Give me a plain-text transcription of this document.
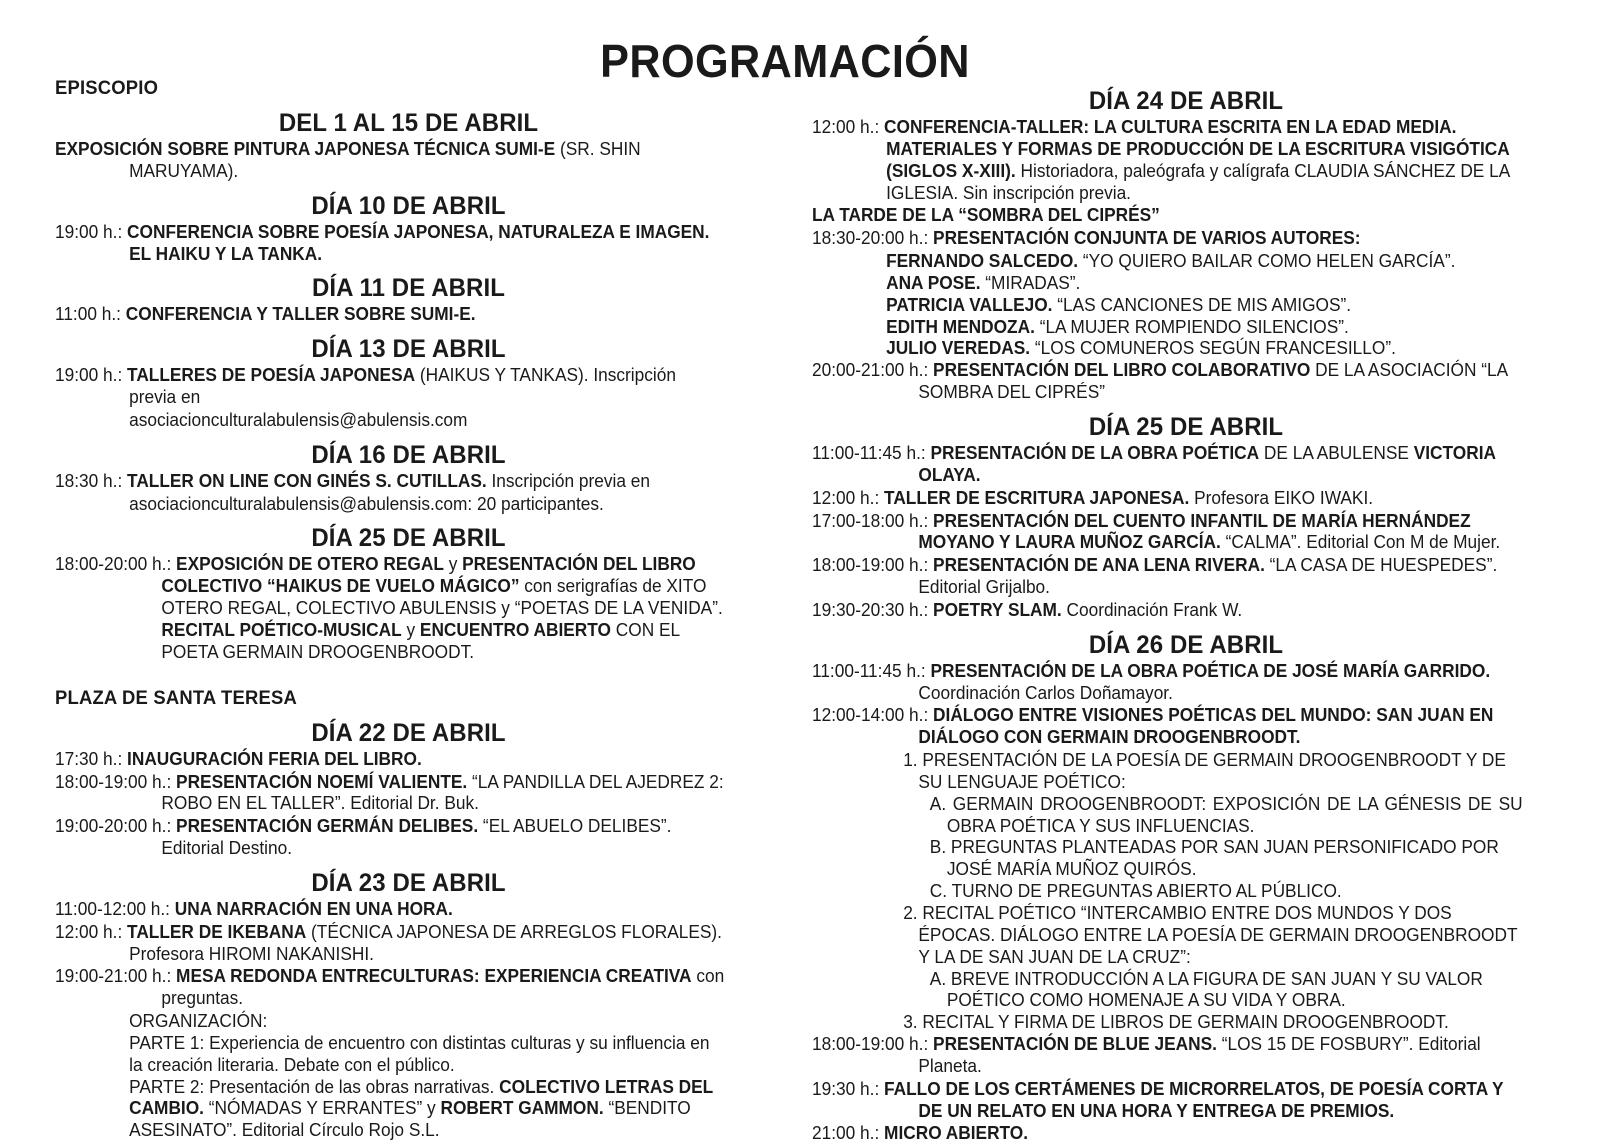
PROGRAMACIÓN
EPISCOPIO
DEL 1 AL 15 DE ABRIL
EXPOSICIÓN SOBRE PINTURA JAPONESA TÉCNICA SUMI-E (SR. SHIN MARUYAMA).
DÍA 10 DE ABRIL
19:00 h.: CONFERENCIA SOBRE POESÍA JAPONESA, NATURALEZA E IMAGEN. EL HAIKU Y LA TANKA.
DÍA 11 DE ABRIL
11:00 h.: CONFERENCIA Y TALLER SOBRE SUMI-E.
DÍA 13 DE ABRIL
19:00 h.: TALLERES DE POESÍA JAPONESA (HAIKUS Y TANKAS). Inscripción previa en
asociacionculturalabulensis@abulensis.com
DÍA 16 DE ABRIL
18:30 h.: TALLER ON LINE CON GINÉS S. CUTILLAS. Inscripción previa en
asociacionculturalabulensis@abulensis.com: 20 participantes.
DÍA 25 DE ABRIL
18:00-20:00 h.: EXPOSICIÓN DE OTERO REGAL y PRESENTACIÓN DEL LIBRO COLECTIVO “HAIKUS DE VUELO MÁGICO” con serigrafías de XITO OTERO REGAL, COLECTIVO ABULENSIS y “POETAS DE LA VENIDA”. RECITAL POÉTICO-MUSICAL y ENCUENTRO ABIERTO CON EL POETA GERMAIN DROOGENBROODT.
PLAZA DE SANTA TERESA
DÍA 22 DE ABRIL
17:30 h.: INAUGURACIÓN FERIA DEL LIBRO.
18:00-19:00 h.: PRESENTACIÓN NOEMÍ VALIENTE. “LA PANDILLA DEL AJEDREZ 2: ROBO EN EL TALLER”. Editorial Dr. Buk.
19:00-20:00 h.: PRESENTACIÓN GERMÁN DELIBES. “EL ABUELO DELIBES”. Editorial Destino.
DÍA 23 DE ABRIL
11:00-12:00 h.: UNA NARRACIÓN EN UNA HORA.
12:00 h.: TALLER DE IKEBANA (TÉCNICA JAPONESA DE ARREGLOS FLORALES). Profesora HIROMI NAKANISHI.
19:00-21:00 h.: MESA REDONDA ENTRECULTURAS: EXPERIENCIA CREATIVA con preguntas.
ORGANIZACIÓN:
PARTE 1: Experiencia de encuentro con distintas culturas y su influencia en la creación literaria. Debate con el público.
PARTE 2: Presentación de las obras narrativas. COLECTIVO LETRAS DEL CAMBIO. “NÓMADAS Y ERRANTES” y ROBERT GAMMON. “BENDITO ASESINATO”. Editorial Círculo Rojo S.L.
DÍA 24 DE ABRIL
12:00 h.: CONFERENCIA-TALLER: LA CULTURA ESCRITA EN LA EDAD MEDIA. MATERIALES Y FORMAS DE PRODUCCIÓN DE LA ESCRITURA VISIGÓTICA (SIGLOS X-XIII). Historiadora, paleógrafa y calígrafa CLAUDIA SÁNCHEZ DE LA IGLESIA. Sin inscripción previa.
LA TARDE DE LA “SOMBRA DEL CIPRÉS”
18:30-20:00 h.: PRESENTACIÓN CONJUNTA DE VARIOS AUTORES:
FERNANDO SALCEDO. “YO QUIERO BAILAR COMO HELEN GARCÍA”.
ANA POSE. “MIRADAS”.
PATRICIA VALLEJO. “LAS CANCIONES DE MIS AMIGOS”.
EDITH MENDOZA. “LA MUJER ROMPIENDO SILENCIOS”.
JULIO VEREDAS. “LOS COMUNEROS SEGÚN FRANCESILLO”.
20:00-21:00 h.: PRESENTACIÓN DEL LIBRO COLABORATIVO DE LA ASOCIACIÓN “LA SOMBRA DEL CIPRÉS”
DÍA 25 DE ABRIL
11:00-11:45 h.: PRESENTACIÓN DE LA OBRA POÉTICA DE LA ABULENSE VICTORIA OLAYA.
12:00 h.: TALLER DE ESCRITURA JAPONESA. Profesora EIKO IWAKI.
17:00-18:00 h.: PRESENTACIÓN DEL CUENTO INFANTIL DE MARÍA HERNÁNDEZ MOYANO Y LAURA MUÑOZ GARCÍA. “CALMA”. Editorial Con M de Mujer.
18:00-19:00 h.: PRESENTACIÓN DE ANA LENA RIVERA. “LA CASA DE HUESPEDES”. Editorial Grijalbo.
19:30-20:30 h.: POETRY SLAM. Coordinación Frank W.
DÍA 26 DE ABRIL
11:00-11:45 h.: PRESENTACIÓN DE LA OBRA POÉTICA DE JOSÉ MARÍA GARRIDO. Coordinación Carlos Doñamayor.
12:00-14:00 h.: DIÁLOGO ENTRE VISIONES POÉTICAS DEL MUNDO: SAN JUAN EN DIÁLOGO CON GERMAIN DROOGENBROODT.
1. PRESENTACIÓN DE LA POESÍA DE GERMAIN DROOGENBROODT Y DE SU LENGUAJE POÉTICO:
A. GERMAIN DROOGENBROODT: EXPOSICIÓN DE LA GÉNESIS DE SU OBRA POÉTICA Y SUS INFLUENCIAS.
B. PREGUNTAS PLANTEADAS POR SAN JUAN PERSONIFICADO POR JOSÉ MARÍA MUÑOZ QUIRÓS.
C. TURNO DE PREGUNTAS ABIERTO AL PÚBLICO.
2. RECITAL POÉTICO “INTERCAMBIO ENTRE DOS MUNDOS Y DOS ÉPOCAS. DIÁLOGO ENTRE LA POESÍA DE GERMAIN DROOGENBROODT Y LA DE SAN JUAN DE LA CRUZ”:
A. BREVE INTRODUCCIÓN A LA FIGURA DE SAN JUAN Y SU VALOR POÉTICO COMO HOMENAJE A SU VIDA Y OBRA.
3. RECITAL Y FIRMA DE LIBROS DE GERMAIN DROOGENBROODT.
18:00-19:00 h.: PRESENTACIÓN DE BLUE JEANS. “LOS 15 DE FOSBURY”. Editorial Planeta.
19:30 h.: FALLO DE LOS CERTÁMENES DE MICRORRELATOS, DE POESÍA CORTA Y DE UN RELATO EN UNA HORA Y ENTREGA DE PREMIOS.
21:00 h.: MICRO ABIERTO.
